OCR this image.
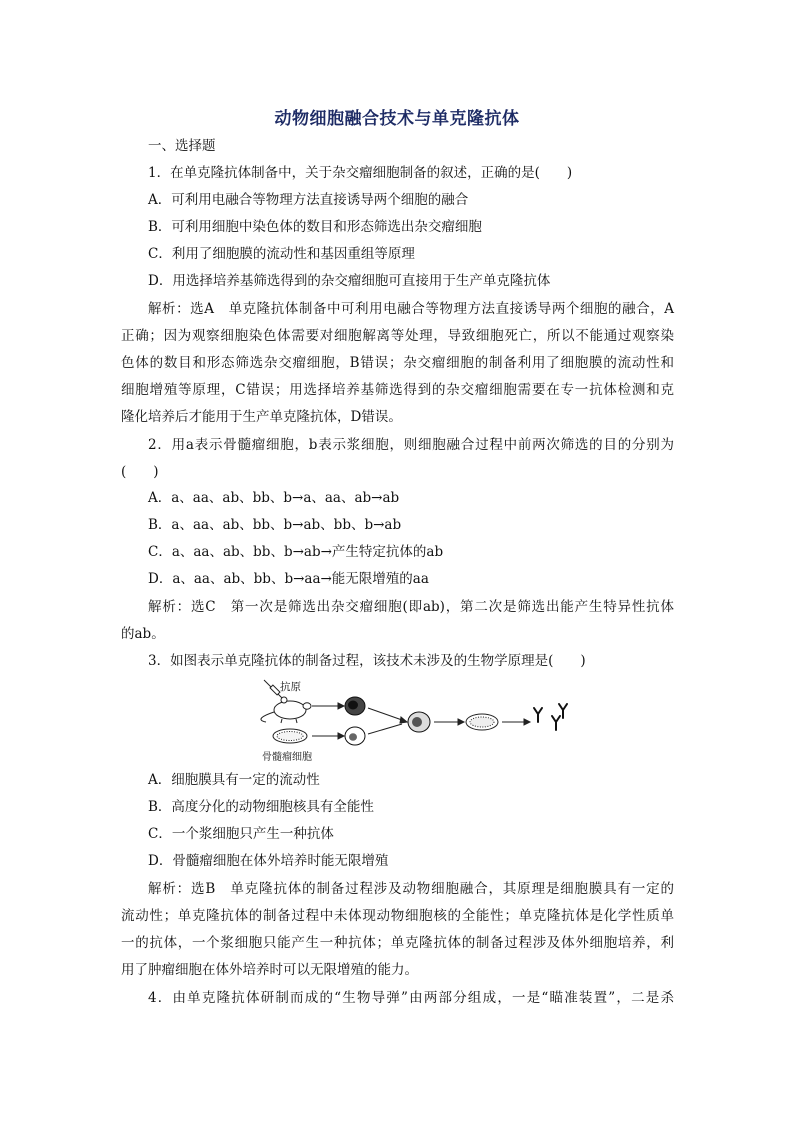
动物细胞融合技术与单克隆抗体
一、选择题
1．在单克隆抗体制备中，关于杂交瘤细胞制备的叙述，正确的是(　　)
A．可利用电融合等物理方法直接诱导两个细胞的融合
B．可利用细胞中染色体的数目和形态筛选出杂交瘤细胞
C．利用了细胞膜的流动性和基因重组等原理
D．用选择培养基筛选得到的杂交瘤细胞可直接用于生产单克隆抗体
解析：选A　单克隆抗体制备中可利用电融合等物理方法直接诱导两个细胞的融合，A
正确；因为观察细胞染色体需要对细胞解离等处理，导致细胞死亡，所以不能通过观察染
色体的数目和形态筛选杂交瘤细胞，B错误；杂交瘤细胞的制备利用了细胞膜的流动性和
细胞增殖等原理，C错误；用选择培养基筛选得到的杂交瘤细胞需要在专一抗体检测和克
隆化培养后才能用于生产单克隆抗体，D错误。
2．用a表示骨髓瘤细胞，b表示浆细胞，则细胞融合过程中前两次筛选的目的分别为
(　　)
A．a、aa、ab、bb、b→a、aa、ab→ab
B．a、aa、ab、bb、b→ab、bb、b→ab
C．a、aa、ab、bb、b→ab→产生特定抗体的ab
D．a、aa、ab、bb、b→aa→能无限增殖的aa
解析：选C　第一次是筛选出杂交瘤细胞(即ab)，第二次是筛选出能产生特异性抗体
的ab。
3．如图表示单克隆抗体的制备过程，该技术未涉及的生物学原理是(　　)
抗原
骨髓瘤细胞
A．细胞膜具有一定的流动性
B．高度分化的动物细胞核具有全能性
C．一个浆细胞只产生一种抗体
D．骨髓瘤细胞在体外培养时能无限增殖
解析：选B　单克隆抗体的制备过程涉及动物细胞融合，其原理是细胞膜具有一定的
流动性；单克隆抗体的制备过程中未体现动物细胞核的全能性；单克隆抗体是化学性质单
一的抗体，一个浆细胞只能产生一种抗体；单克隆抗体的制备过程涉及体外细胞培养，利
用了肿瘤细胞在体外培养时可以无限增殖的能力。
4．由单克隆抗体研制而成的“生物导弹”由两部分组成，一是“瞄准装置”，二是杀
